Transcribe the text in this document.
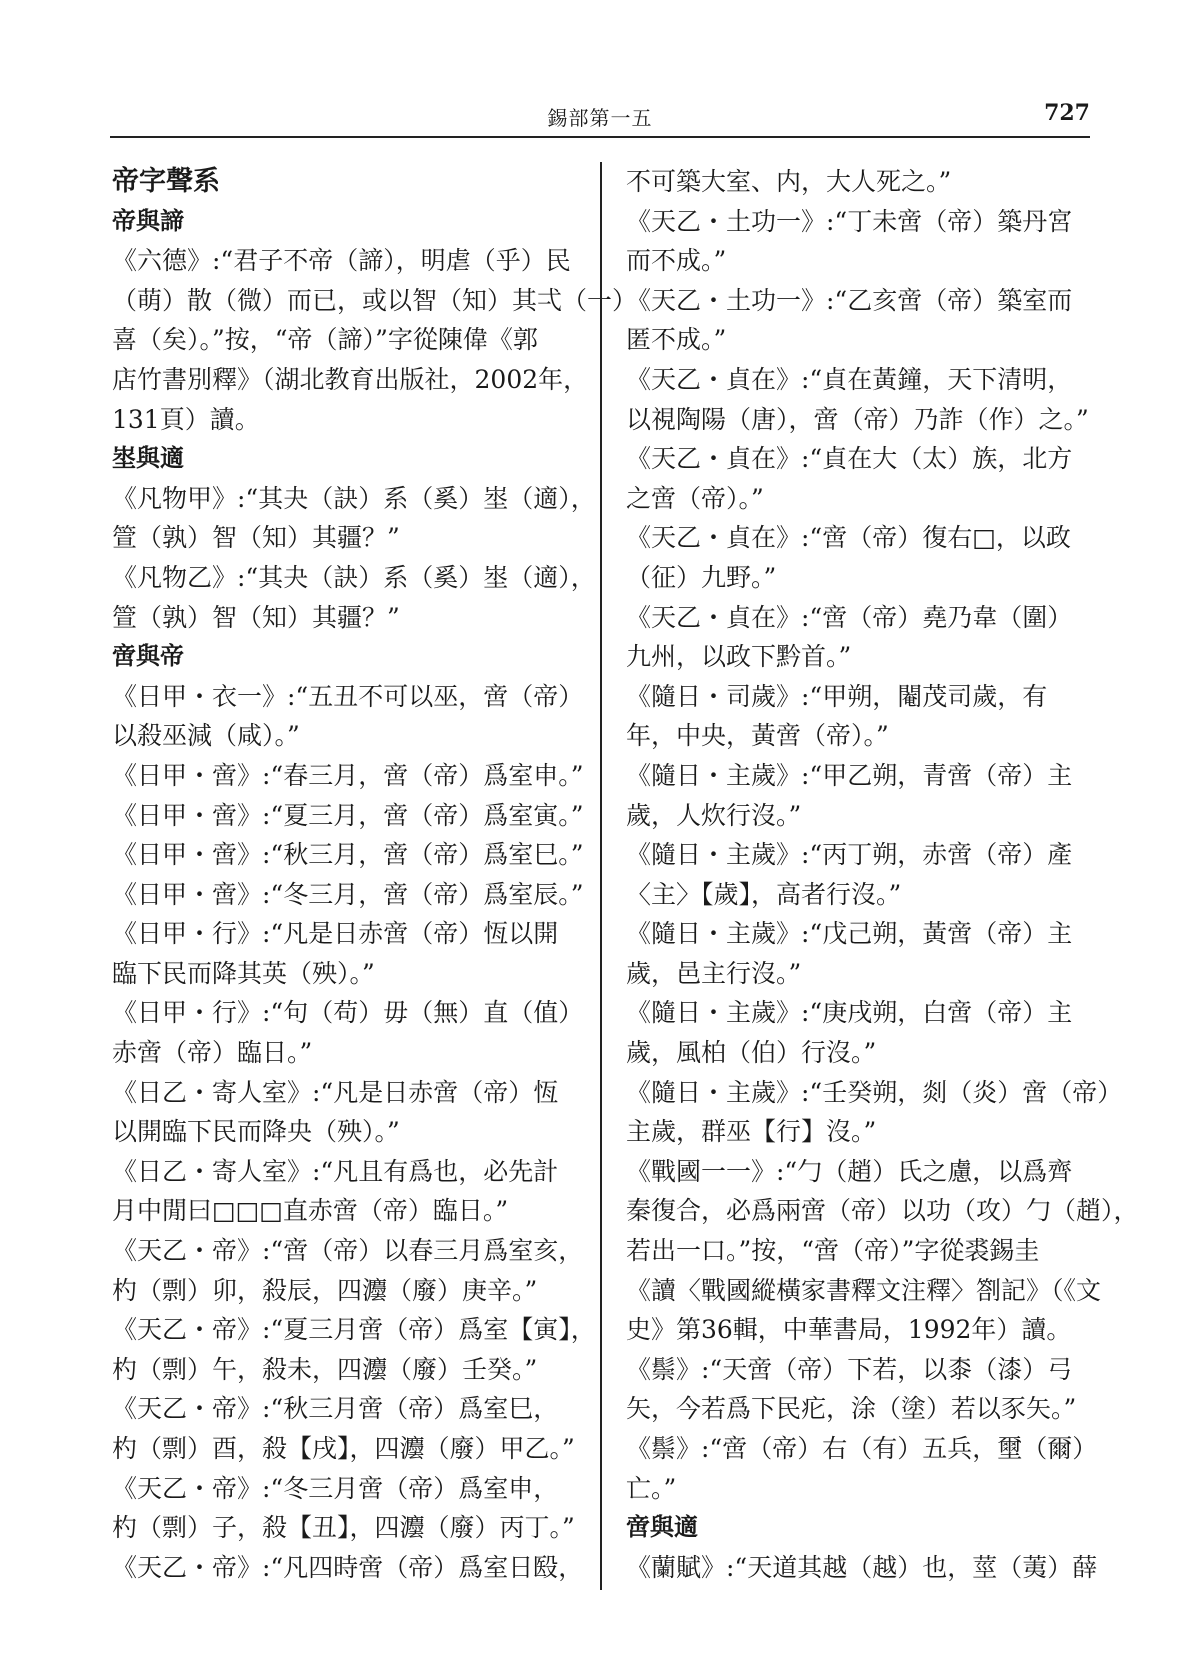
錫部第一五	727
帝字聲系
帝與諦
《六德》:“君子不帝（諦），明虐（乎）民
（萌）散（微）而已，或以智（知）其弌（一）
喜（矣）。”按，“帝（諦）”字從陳偉《郭
店竹書別釋》（湖北教育出版社，2002年，
131頁）讀。
埊與適
《凡物甲》:“其夬（訣）系（奚）埊（適），
箮（孰）智（知）其疆？”
《凡物乙》:“其夬（訣）系（奚）埊（適），
箮（孰）智（知）其疆？”
啻與帝
《日甲・衣一》:“五丑不可以巫，啻（帝）
以殺巫減（咸）。”
《日甲・啻》:“春三月，啻（帝）爲室申。”
《日甲・啻》:“夏三月，啻（帝）爲室寅。”
《日甲・啻》:“秋三月，啻（帝）爲室巳。”
《日甲・啻》:“冬三月，啻（帝）爲室辰。”
《日甲・行》:“凡是日赤啻（帝）恆以開
臨下民而降其英（殃）。”
《日甲・行》:“句（苟）毋（無）直（值）
赤啻（帝）臨日。”
《日乙・寄人室》:“凡是日赤啻（帝）恆
以開臨下民而降央（殃）。”
《日乙・寄人室》:“凡且有爲也，必先計
月中閒曰□□□直赤啻（帝）臨日。”
《天乙・帝》:“啻（帝）以春三月爲室亥，
杓（剽）卯，殺辰，四灋（廢）庚辛。”
《天乙・帝》:“夏三月啻（帝）爲室【寅】，
杓（剽）午，殺未，四灋（廢）壬癸。”
《天乙・帝》:“秋三月啻（帝）爲室巳，
杓（剽）酉，殺【戌】，四灋（廢）甲乙。”
《天乙・帝》:“冬三月啻（帝）爲室申，
杓（剽）子，殺【丑】，四灋（廢）丙丁。”
《天乙・帝》:“凡四時啻（帝）爲室日殹，
不可築大室、内，大人死之。”
《天乙・土功一》:“丁未啻（帝）築丹宮
而不成。”
《天乙・土功一》:“乙亥啻（帝）築室而
匿不成。”
《天乙・貞在》:“貞在黃鐘，天下清明，
以視陶陽（唐），啻（帝）乃詐（作）之。”
《天乙・貞在》:“貞在大（太）族，北方
之啻（帝）。”
《天乙・貞在》:“啻（帝）復右□，以政
（征）九野。”
《天乙・貞在》:“啻（帝）堯乃韋（圍）
九州，以政下黔首。”
《隨日・司歲》:“甲朔，閹茂司歲，有
年，中央，黃啻（帝）。”
《隨日・主歲》:“甲乙朔，青啻（帝）主
歲，人炊行沒。”
《隨日・主歲》:“丙丁朔，赤啻（帝）產
〈主〉【歲】，高者行沒。”
《隨日・主歲》:“戊己朔，黃啻（帝）主
歲，邑主行沒。”
《隨日・主歲》:“庚戌朔，白啻（帝）主
歲，風柏（伯）行沒。”
《隨日・主歲》:“壬癸朔，剡（炎）啻（帝）
主歲，群巫【行】沒。”
《戰國一一》:“勹（趙）氏之慮，以爲齊
秦復合，必爲兩啻（帝）以功（攻）勹（趙），
若出一口。”按，“啻（帝）”字從裘錫圭
《讀〈戰國縱橫家書釋文注釋〉劄記》（《文
史》第36輯，中華書局，1992年）讀。
《鬃》:“天啻（帝）下若，以桼（漆）弓
矢，今若爲下民疕，涂（塗）若以豕矢。”
《鬃》:“啻（帝）右（有）五兵，壐（爾）
亡。”
啻與適
《蘭賦》:“天道其越（越）也，莖（荑）薛
